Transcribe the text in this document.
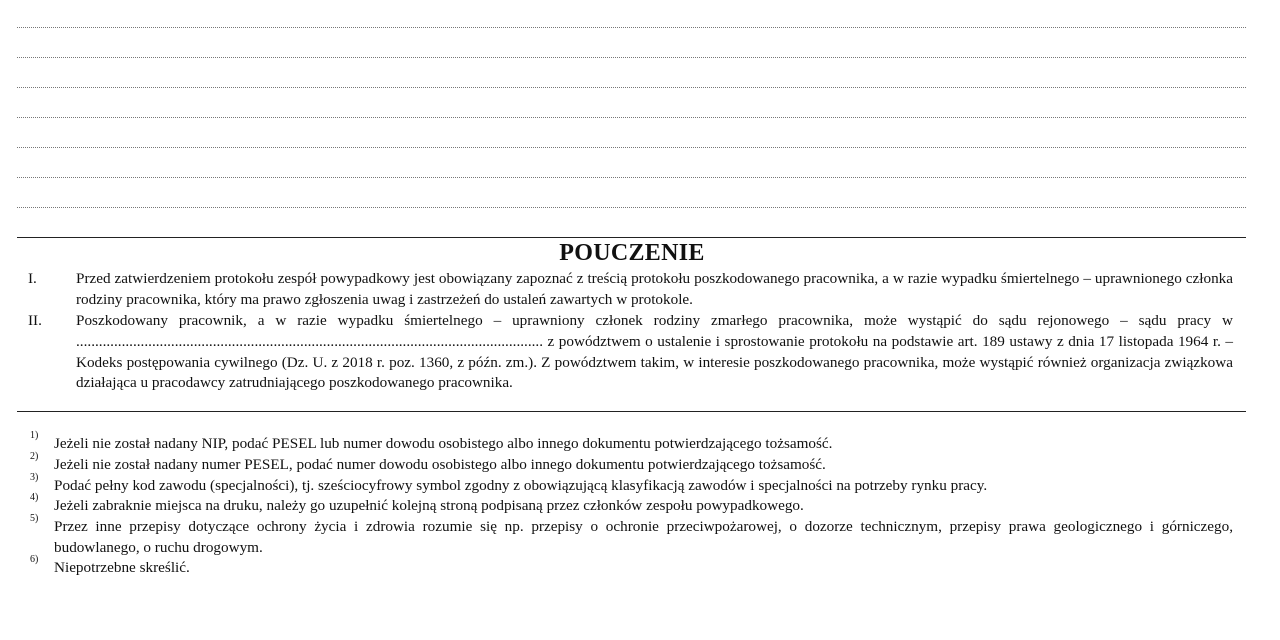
POUCZENIE
I.	Przed zatwierdzeniem protokołu zespół powypadkowy jest obowiązany zapoznać z treścią protokołu poszkodowanego pracownika, a w razie wypadku śmiertelnego – uprawnionego członka rodziny pracownika, który ma prawo zgłoszenia uwag i zastrzeżeń do ustaleń zawartych w protokole.
II. Poszkodowany pracownik, a w razie wypadku śmiertelnego – uprawniony członek rodziny zmarłego pracownika, może wystąpić do sądu rejonowego – sądu pracy w ........................................................................................................................... z powództwem o ustalenie i sprostowanie protokołu na podstawie art. 189 ustawy z dnia 17 listopada 1964 r. – Kodeks postępowania cywilnego (Dz. U. z 2018 r. poz. 1360, z późn. zm.). Z powództwem takim, w interesie poszkodowanego pracownika, może wystąpić również organizacja związkowa działająca u pracodawcy zatrudniającego poszkodowanego pracownika.
1) Jeżeli nie został nadany NIP, podać PESEL lub numer dowodu osobistego albo innego dokumentu potwierdzającego tożsamość.
2) Jeżeli nie został nadany numer PESEL, podać numer dowodu osobistego albo innego dokumentu potwierdzającego tożsamość.
3) Podać pełny kod zawodu (specjalności), tj. sześciocyfrowy symbol zgodny z obowiązującą klasyfikacją zawodów i specjalności na potrzeby rynku pracy.
4) Jeżeli zabraknie miejsca na druku, należy go uzupełnić kolejną stroną podpisaną przez członków zespołu powypadkowego.
5) Przez inne przepisy dotyczące ochrony życia i zdrowia rozumie się np. przepisy o ochronie przeciwpożarowej, o dozorze technicznym, przepisy prawa geologicznego i górniczego, budowlanego, o ruchu drogowym.
6) Niepotrzebne skreślić.
